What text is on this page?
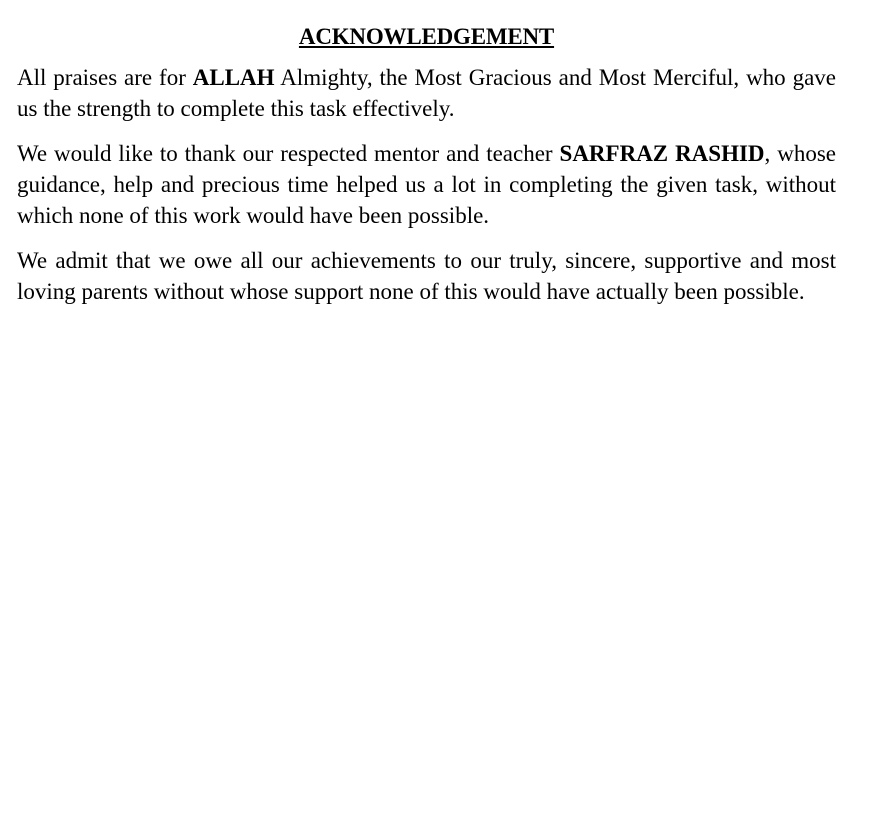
ACKNOWLEDGEMENT

All praises are for ALLAH Almighty, the Most Gracious and Most Merciful, who gave us the strength to complete this task effectively.

We would like to thank our respected mentor and teacher SARFRAZ RASHID, whose guidance, help and precious time helped us a lot in completing the given task, without which none of this work would have been possible.

We admit that we owe all our achievements to our truly, sincere, supportive and most loving parents without whose support none of this would have actually been possible.
